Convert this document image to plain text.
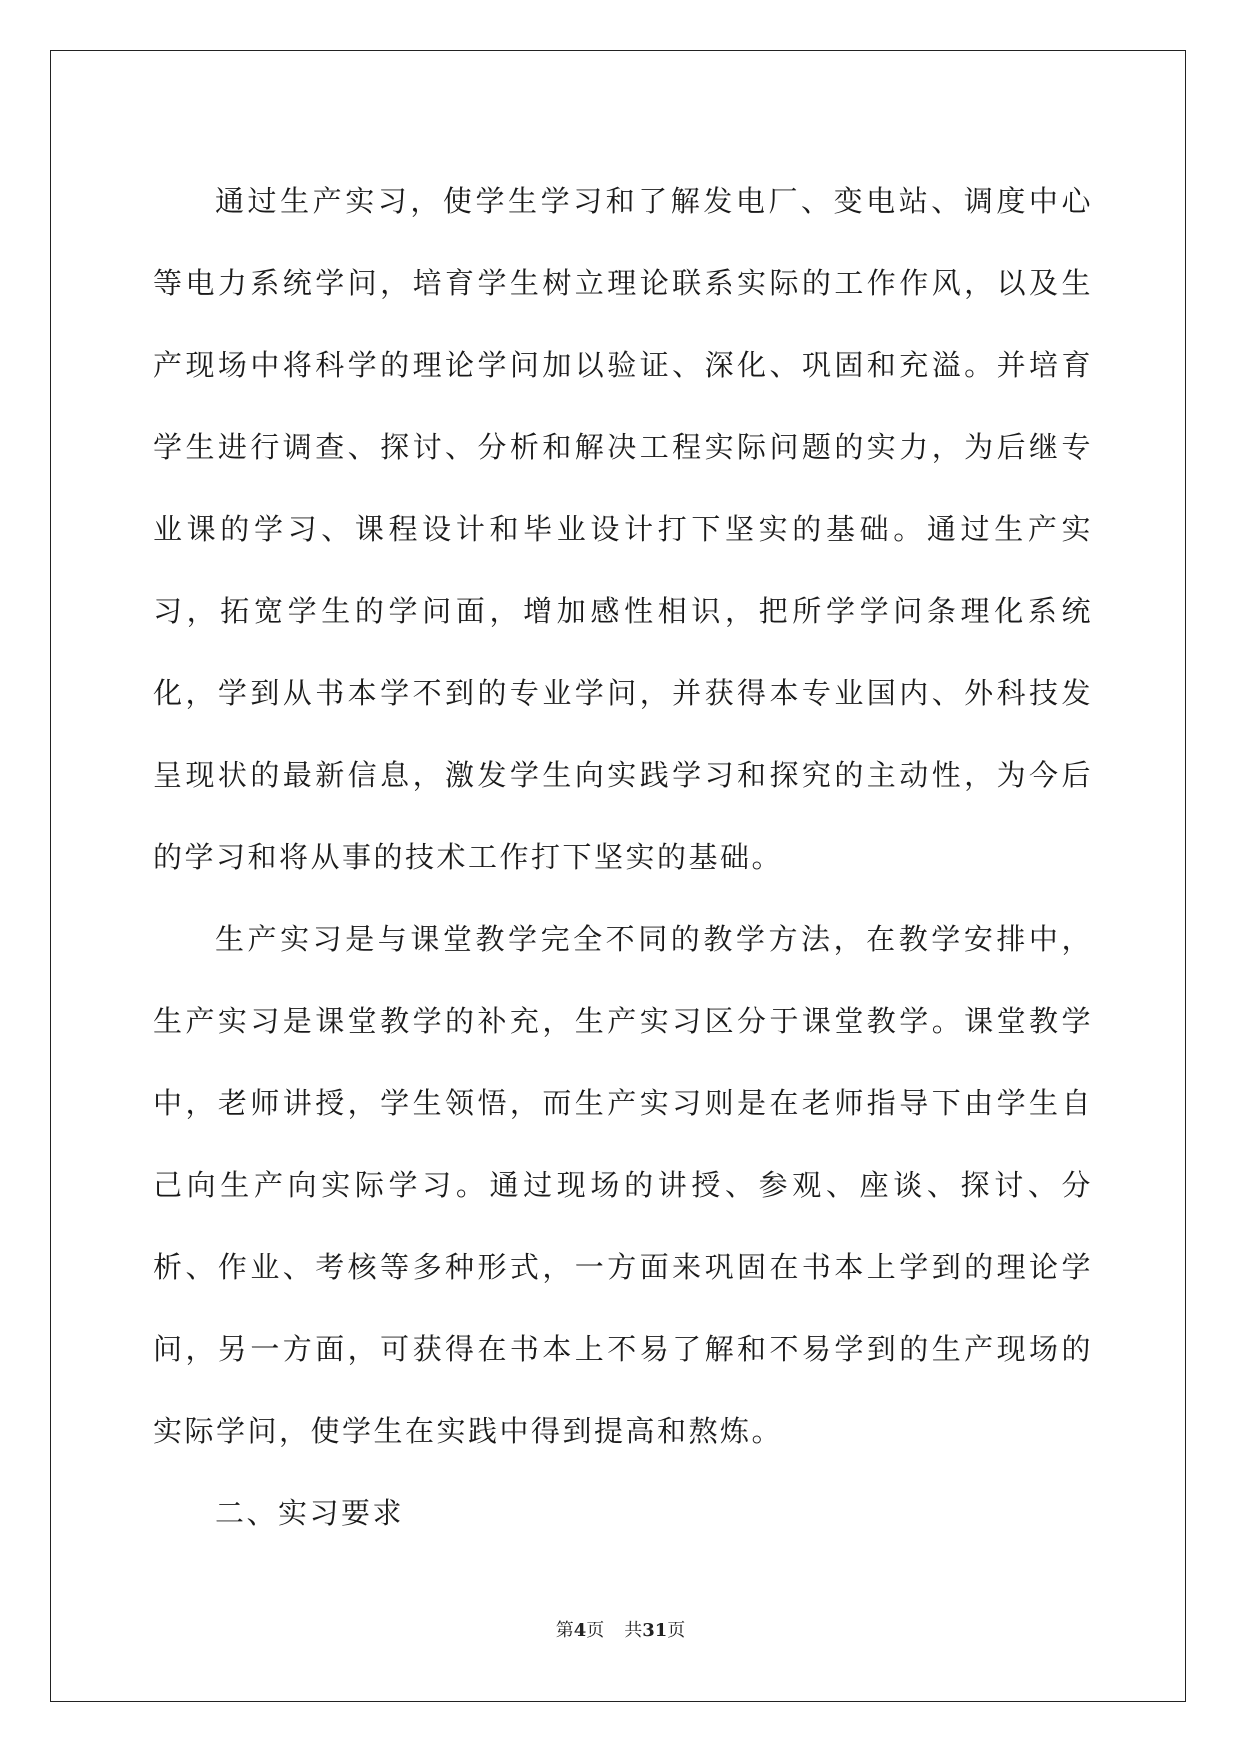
通过生产实习，使学生学习和了解发电厂、变电站、调度中心等电力系统学问，培育学生树立理论联系实际的工作作风，以及生产现场中将科学的理论学问加以验证、深化、巩固和充溢。并培育学生进行调查、探讨、分析和解决工程实际问题的实力，为后继专业课的学习、课程设计和毕业设计打下坚实的基础。通过生产实习，拓宽学生的学问面，增加感性相识，把所学学问条理化系统化，学到从书本学不到的专业学问，并获得本专业国内、外科技发呈现状的最新信息，激发学生向实践学习和探究的主动性，为今后的学习和将从事的技术工作打下坚实的基础。

生产实习是与课堂教学完全不同的教学方法，在教学安排中，生产实习是课堂教学的补充，生产实习区分于课堂教学。课堂教学中，老师讲授，学生领悟，而生产实习则是在老师指导下由学生自己向生产向实际学习。通过现场的讲授、参观、座谈、探讨、分析、作业、考核等多种形式，一方面来巩固在书本上学到的理论学问，另一方面，可获得在书本上不易了解和不易学到的生产现场的实际学问，使学生在实践中得到提高和熬炼。

二、实习要求

第4页 共31页
